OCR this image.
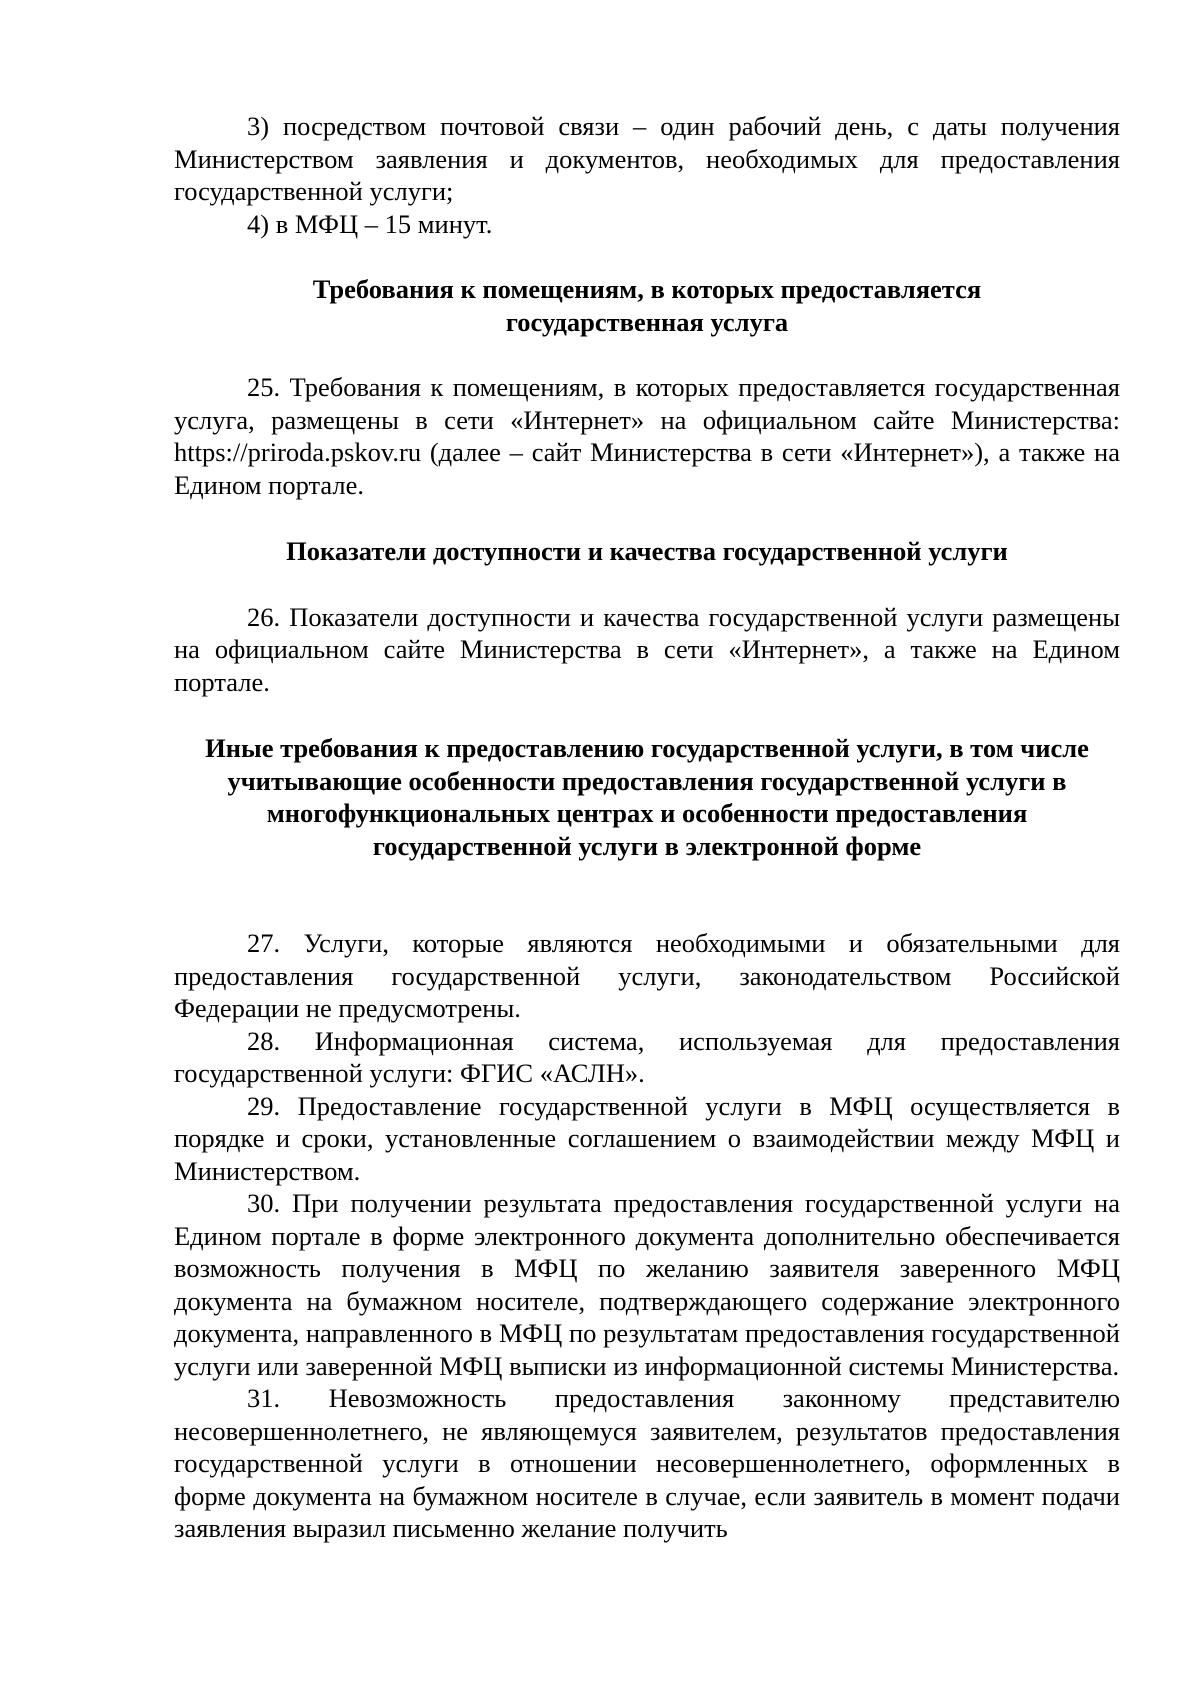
3) посредством почтовой связи – один рабочий день, с даты получения Министерством заявления и документов, необходимых для предоставления государственной услуги;

4) в МФЦ – 15 минут.

Требования к помещениям, в которых предоставляется государственная услуга

25. Требования к помещениям, в которых предоставляется государственная услуга, размещены в сети «Интернет» на официальном сайте Министерства: https://priroda.pskov.ru (далее – сайт Министерства в сети «Интернет»), а также на Едином портале.

Показатели доступности и качества государственной услуги

26. Показатели доступности и качества государственной услуги размещены на официальном сайте Министерства в сети «Интернет», а также на Едином портале.

Иные требования к предоставлению государственной услуги, в том числе учитывающие особенности предоставления государственной услуги в многофункциональных центрах и особенности предоставления государственной услуги в электронной форме

27. Услуги, которые являются необходимыми и обязательными для предоставления государственной услуги, законодательством Российской Федерации не предусмотрены.

28. Информационная система, используемая для предоставления государственной услуги: ФГИС «АСЛН».

29. Предоставление государственной услуги в МФЦ осуществляется в порядке и сроки, установленные соглашением о взаимодействии между МФЦ и Министерством.

30. При получении результата предоставления государственной услуги на Едином портале в форме электронного документа дополнительно обеспечивается возможность получения в МФЦ по желанию заявителя заверенного МФЦ документа на бумажном носителе, подтверждающего содержание электронного документа, направленного в МФЦ по результатам предоставления государственной услуги или заверенной МФЦ выписки из информационной системы Министерства.

31. Невозможность предоставления законному представителю несовершеннолетнего, не являющемуся заявителем, результатов предоставления государственной услуги в отношении несовершеннолетнего, оформленных в форме документа на бумажном носителе в случае, если заявитель в момент подачи заявления выразил письменно желание получить
